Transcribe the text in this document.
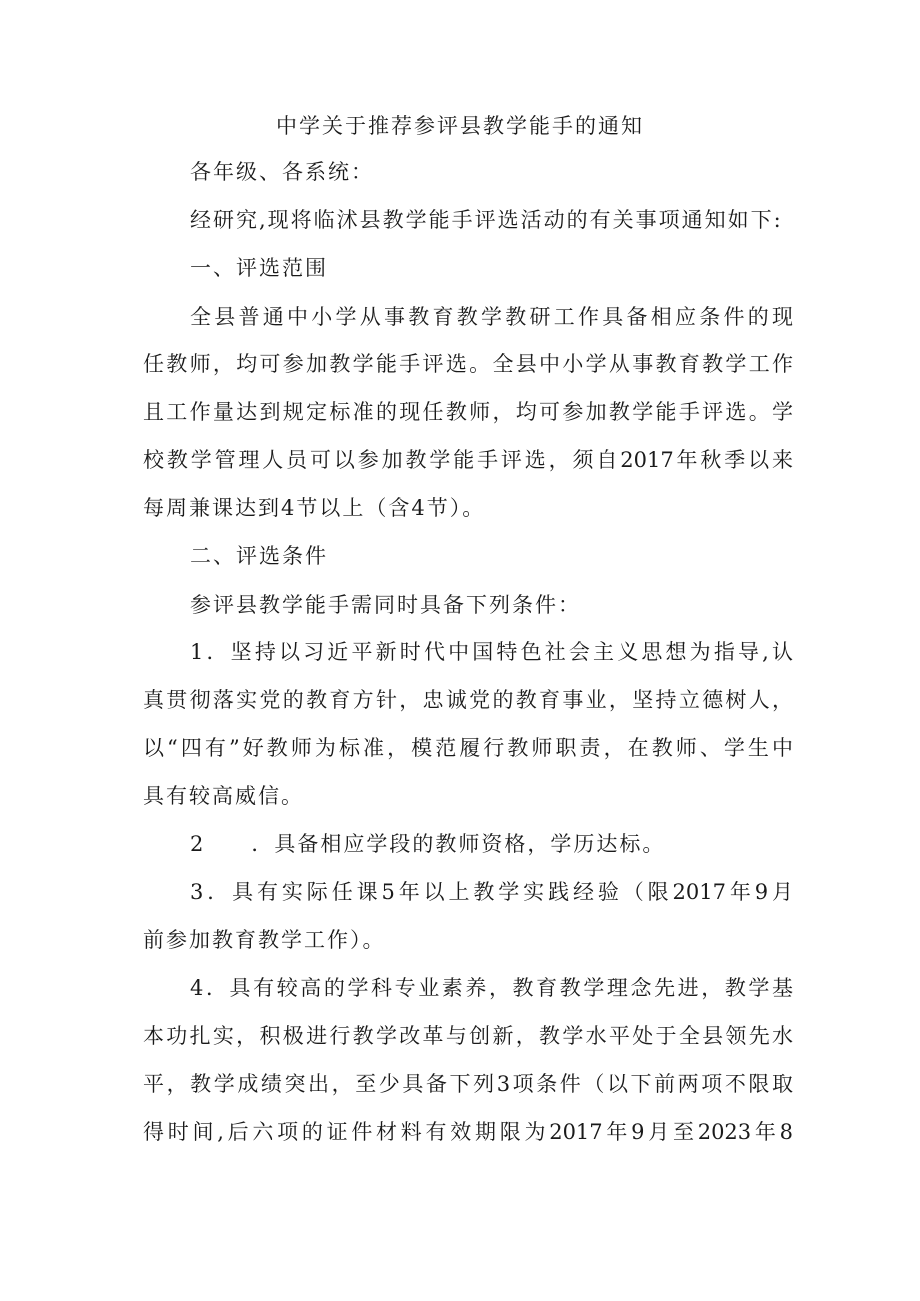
中学关于推荐参评县教学能手的通知
各年级、各系统：
经研究,现将临沭县教学能手评选活动的有关事项通知如下:
一、评选范围
全县普通中小学从事教育教学教研工作具备相应条件的现
任教师，均可参加教学能手评选。全县中小学从事教育教学工作
且工作量达到规定标准的现任教师，均可参加教学能手评选。学
校教学管理人员可以参加教学能手评选，须自2017年秋季以来
每周兼课达到4节以上（含4节）。
二、评选条件
参评县教学能手需同时具备下列条件：
1．坚持以习近平新时代中国特色社会主义思想为指导,认
真贯彻落实党的教育方针，忠诚党的教育事业，坚持立德树人，
以“四有”好教师为标准，模范履行教师职责，在教师、学生中
具有较高威信。
2　　．具备相应学段的教师资格，学历达标。
3．具有实际任课5年以上教学实践经验（限2017年9月
前参加教育教学工作）。
4．具有较高的学科专业素养，教育教学理念先进，教学基
本功扎实，积极进行教学改革与创新，教学水平处于全县领先水
平，教学成绩突出，至少具备下列3项条件（以下前两项不限取
得时间,后六项的证件材料有效期限为2017年9月至2023年8
